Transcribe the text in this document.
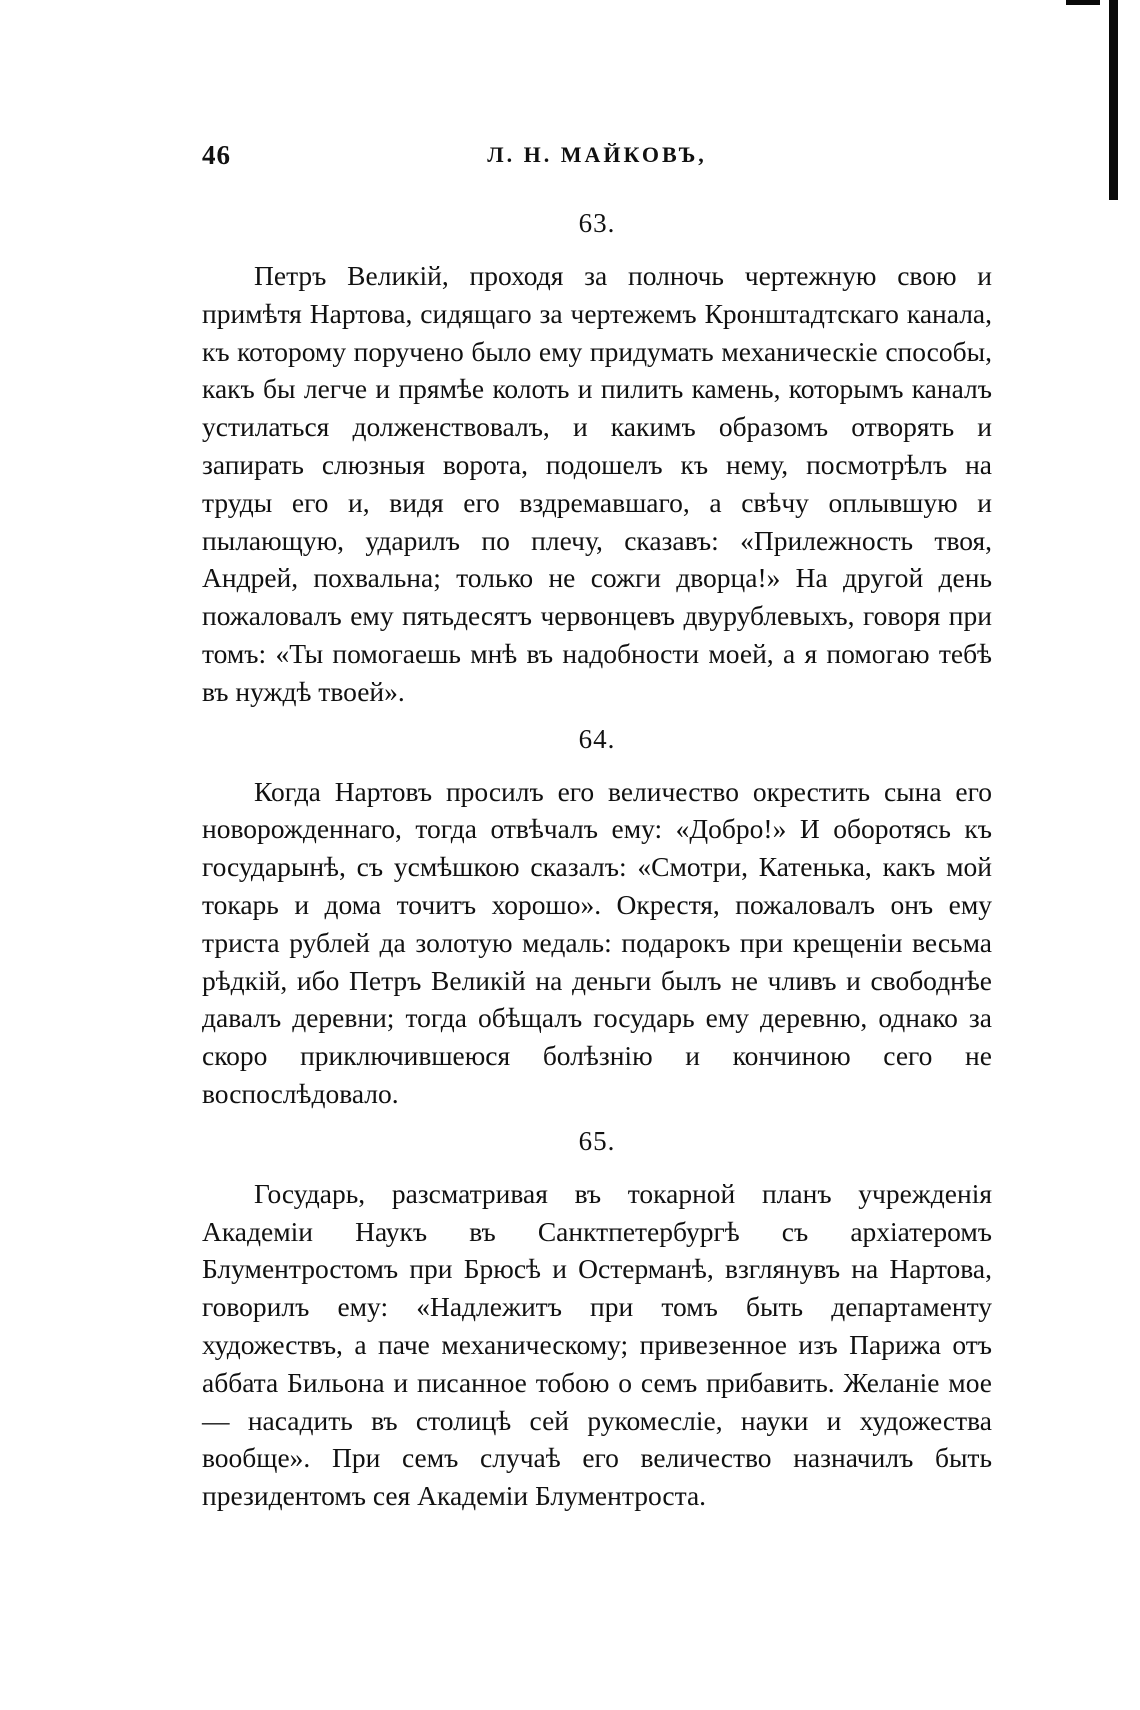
46	Л. Н. МАЙКОВЪ,
63.

Петръ Великій, проходя за полночь чертежную свою и примѣтя Нартова, сидящаго за чертежемъ Кронштадтскаго канала, къ которому поручено было ему придумать механическіе способы, какъ бы легче и прямѣе колоть и пилить камень, которымъ каналъ устилаться долженствовалъ, и какимъ образомъ отворять и запирать слюзныя ворота, подошелъ къ нему, посмотрѣлъ на труды его и, видя его вздремавшаго, а свѣчу оплывшую и пылающую, ударилъ по плечу, сказавъ: «Прилежность твоя, Андрей, похвальна; только не сожги дворца!» На другой день пожаловалъ ему пятьдесятъ червонцевъ двурублевыхъ, говоря при томъ: «Ты помогаешь мнѣ въ надобности моей, а я помогаю тебѣ въ нуждѣ твоей».

64.

Когда Нартовъ просилъ его величество окрестить сына его новорожденнаго, тогда отвѣчалъ ему: «Добро!» И оборотясь къ государынѣ, съ усмѣшкою сказалъ: «Смотри, Катенька, какъ мой токарь и дома точитъ хорошо». Окрестя, пожаловалъ онъ ему триста рублей да золотую медаль: подарокъ при крещеніи весьма рѣдкій, ибо Петръ Великій на деньги былъ не чливъ и свободнѣе давалъ деревни; тогда обѣщалъ государь ему деревню, однако за скоро приключившеюся болѣзнію и кончиною сего не воспослѣдовало.

65.

Государь, разсматривая въ токарной планъ учрежденія Академіи Наукъ въ Санктпетербургѣ съ архіатеромъ Блументростомъ при Брюсѣ и Остерманѣ, взглянувъ на Нартова, говорилъ ему: «Надлежитъ при томъ быть департаменту художествъ, а паче механическому; привезенное изъ Парижа отъ аббата Бильона и писанное тобою о семъ прибавить. Желаніе мое — насадить въ столицѣ сей рукомесліе, науки и художества вообще». При семъ случаѣ его величество назначилъ быть президентомъ сея Академіи Блументроста.
